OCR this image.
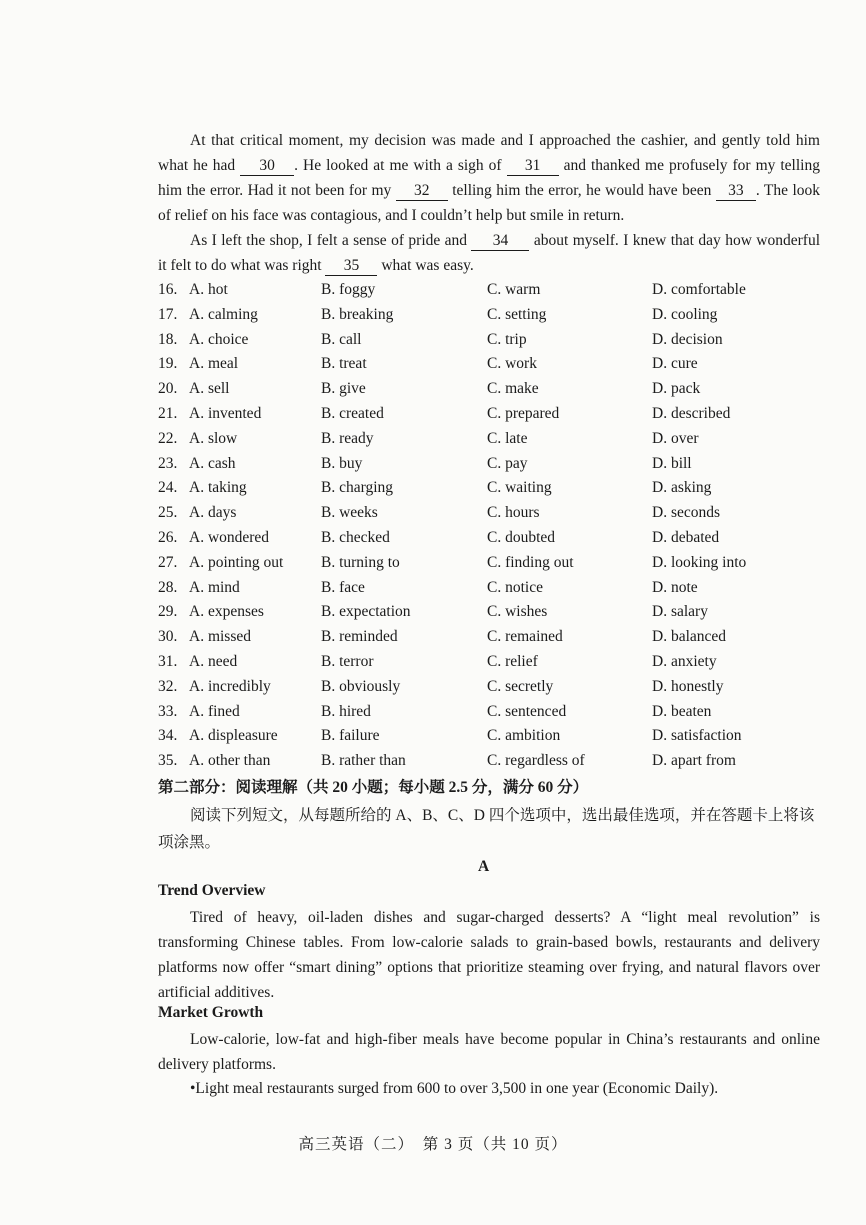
At that critical moment, my decision was made and I approached the cashier, and gently told him what he had 30 . He looked at me with a sigh of 31 and thanked me profusely for my telling him the error. Had it not been for my 32 telling him the error, he would have been 33 . The look of relief on his face was contagious, and I couldn’t help but smile in return.
As I left the shop, I felt a sense of pride and 34 about myself. I knew that day how wonderful it felt to do what was right 35 what was easy.
16. A. hot	B. foggy	C. warm	D. comfortable
17. A. calming	B. breaking	C. setting	D. cooling
18. A. choice	B. call	C. trip	D. decision
19. A. meal	B. treat	C. work	D. cure
20. A. sell	B. give	C. make	D. pack
21. A. invented	B. created	C. prepared	D. described
22. A. slow	B. ready	C. late	D. over
23. A. cash	B. buy	C. pay	D. bill
24. A. taking	B. charging	C. waiting	D. asking
25. A. days	B. weeks	C. hours	D. seconds
26. A. wondered	B. checked	C. doubted	D. debated
27. A. pointing out B. turning to	C. finding out	D. looking into
28. A. mind	B. face	C. notice	D. note
29. A. expenses	B. expectation	C. wishes	D. salary
30. A. missed	B. reminded	C. remained	D. balanced
31. A. need	B. terror	C. relief	D. anxiety
32. A. incredibly	B. obviously	C. secretly	D. honestly
33. A. fined	B. hired	C. sentenced	D. beaten
34. A. displeasure	B. failure	C. ambition	D. satisfaction
35. A. other than	B. rather than	C. regardless of	D. apart from
第二部分：阅读理解（共 20 小题；每小题 2.5 分，满分 60 分）
阅读下列短文，从每题所给的 A、B、C、D 四个选项中，选出最佳选项，并在答题卡上将该项涂黑。
A
Trend Overview
Tired of heavy, oil-laden dishes and sugar-charged desserts? A “light meal revolution” is transforming Chinese tables. From low-calorie salads to grain-based bowls, restaurants and delivery platforms now offer “smart dining” options that prioritize steaming over frying, and natural flavors over artificial additives.
Market Growth
Low-calorie, low-fat and high-fiber meals have become popular in China’s restaurants and online delivery platforms.
•Light meal restaurants surged from 600 to over 3,500 in one year (Economic Daily).
高三英语（二）　第 3 页（共 10 页）
